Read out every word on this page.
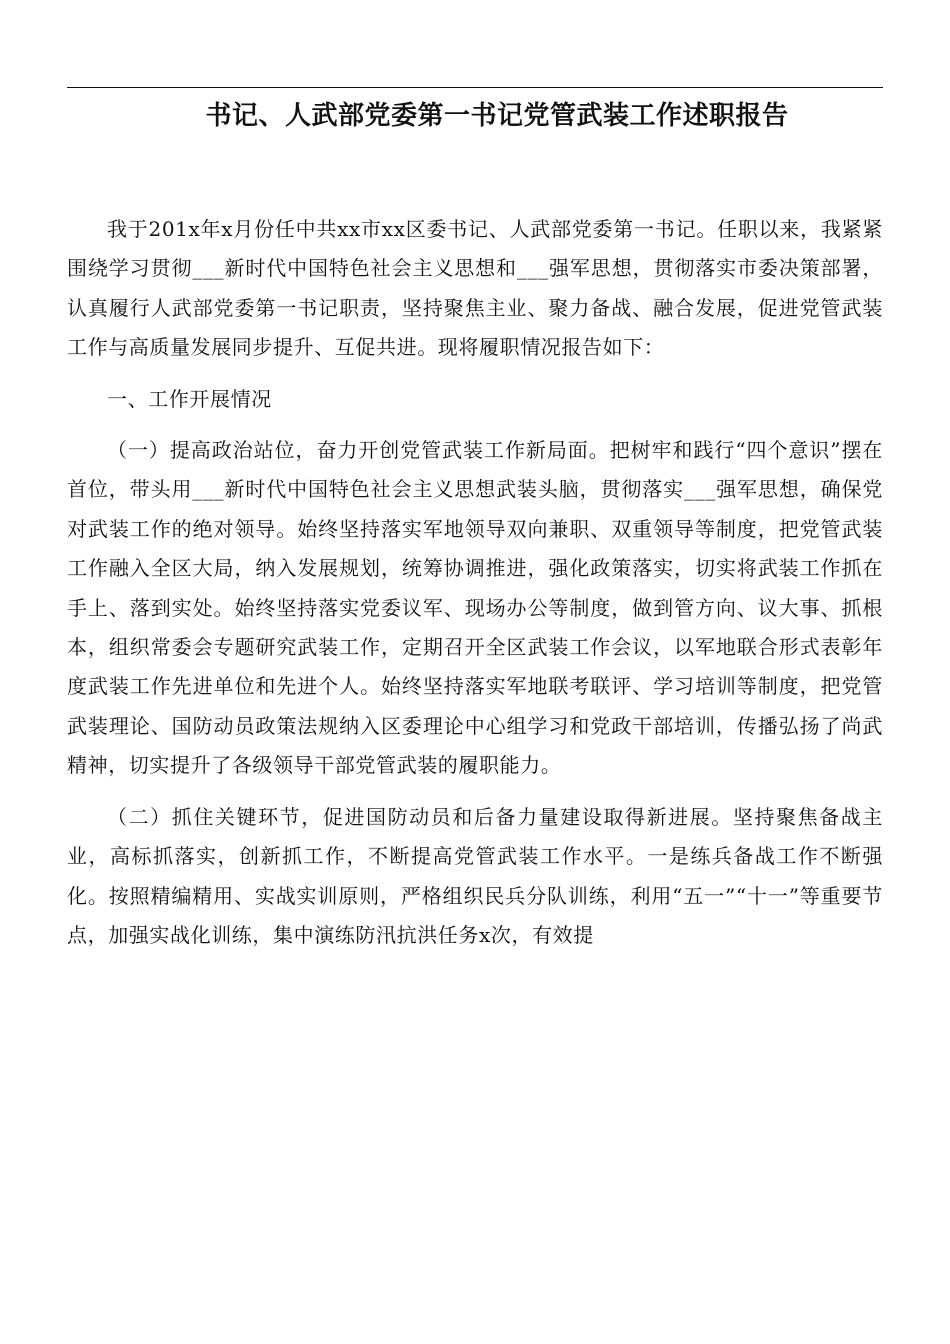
书记、人武部党委第一书记党管武装工作述职报告

我于201x年x月份任中共xx市xx区委书记、人武部党委第一书记。任职以来，我紧紧围绕学习贯彻___新时代中国特色社会主义思想和___强军思想，贯彻落实市委决策部署，认真履行人武部党委第一书记职责，坚持聚焦主业、聚力备战、融合发展，促进党管武装工作与高质量发展同步提升、互促共进。现将履职情况报告如下：

一、工作开展情况

（一）提高政治站位，奋力开创党管武装工作新局面。把树牢和践行“四个意识”摆在首位，带头用___新时代中国特色社会主义思想武装头脑，贯彻落实___强军思想，确保党对武装工作的绝对领导。始终坚持落实军地领导双向兼职、双重领导等制度，把党管武装工作融入全区大局，纳入发展规划，统筹协调推进，强化政策落实，切实将武装工作抓在手上、落到实处。始终坚持落实党委议军、现场办公等制度，做到管方向、议大事、抓根本，组织常委会专题研究武装工作，定期召开全区武装工作会议，以军地联合形式表彰年度武装工作先进单位和先进个人。始终坚持落实军地联考联评、学习培训等制度，把党管武装理论、国防动员政策法规纳入区委理论中心组学习和党政干部培训，传播弘扬了尚武精神，切实提升了各级领导干部党管武装的履职能力。

（二）抓住关键环节，促进国防动员和后备力量建设取得新进展。坚持聚焦备战主业，高标抓落实，创新抓工作，不断提高党管武装工作水平。一是练兵备战工作不断强化。按照精编精用、实战实训原则，严格组织民兵分队训练，利用“五一”“十一”等重要节点，加强实战化训练，集中演练防汛抗洪任务x次，有效提
